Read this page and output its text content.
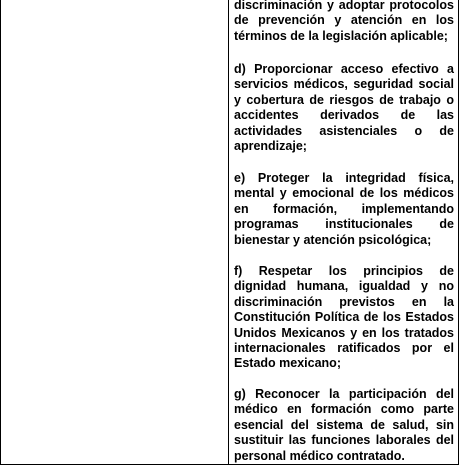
discriminación y adoptar protocolos de prevención y atención en los términos de la legislación aplicable;

d) Proporcionar acceso efectivo a servicios médicos, seguridad social y cobertura de riesgos de trabajo o accidentes derivados de las actividades asistenciales o de aprendizaje;

e) Proteger la integridad física, mental y emocional de los médicos en formación, implementando programas institucionales de bienestar y atención psicológica;

f) Respetar los principios de dignidad humana, igualdad y no discriminación previstos en la Constitución Política de los Estados Unidos Mexicanos y en los tratados internacionales ratificados por el Estado mexicano;

g) Reconocer la participación del médico en formación como parte esencial del sistema de salud, sin sustituir las funciones laborales del personal médico contratado.
